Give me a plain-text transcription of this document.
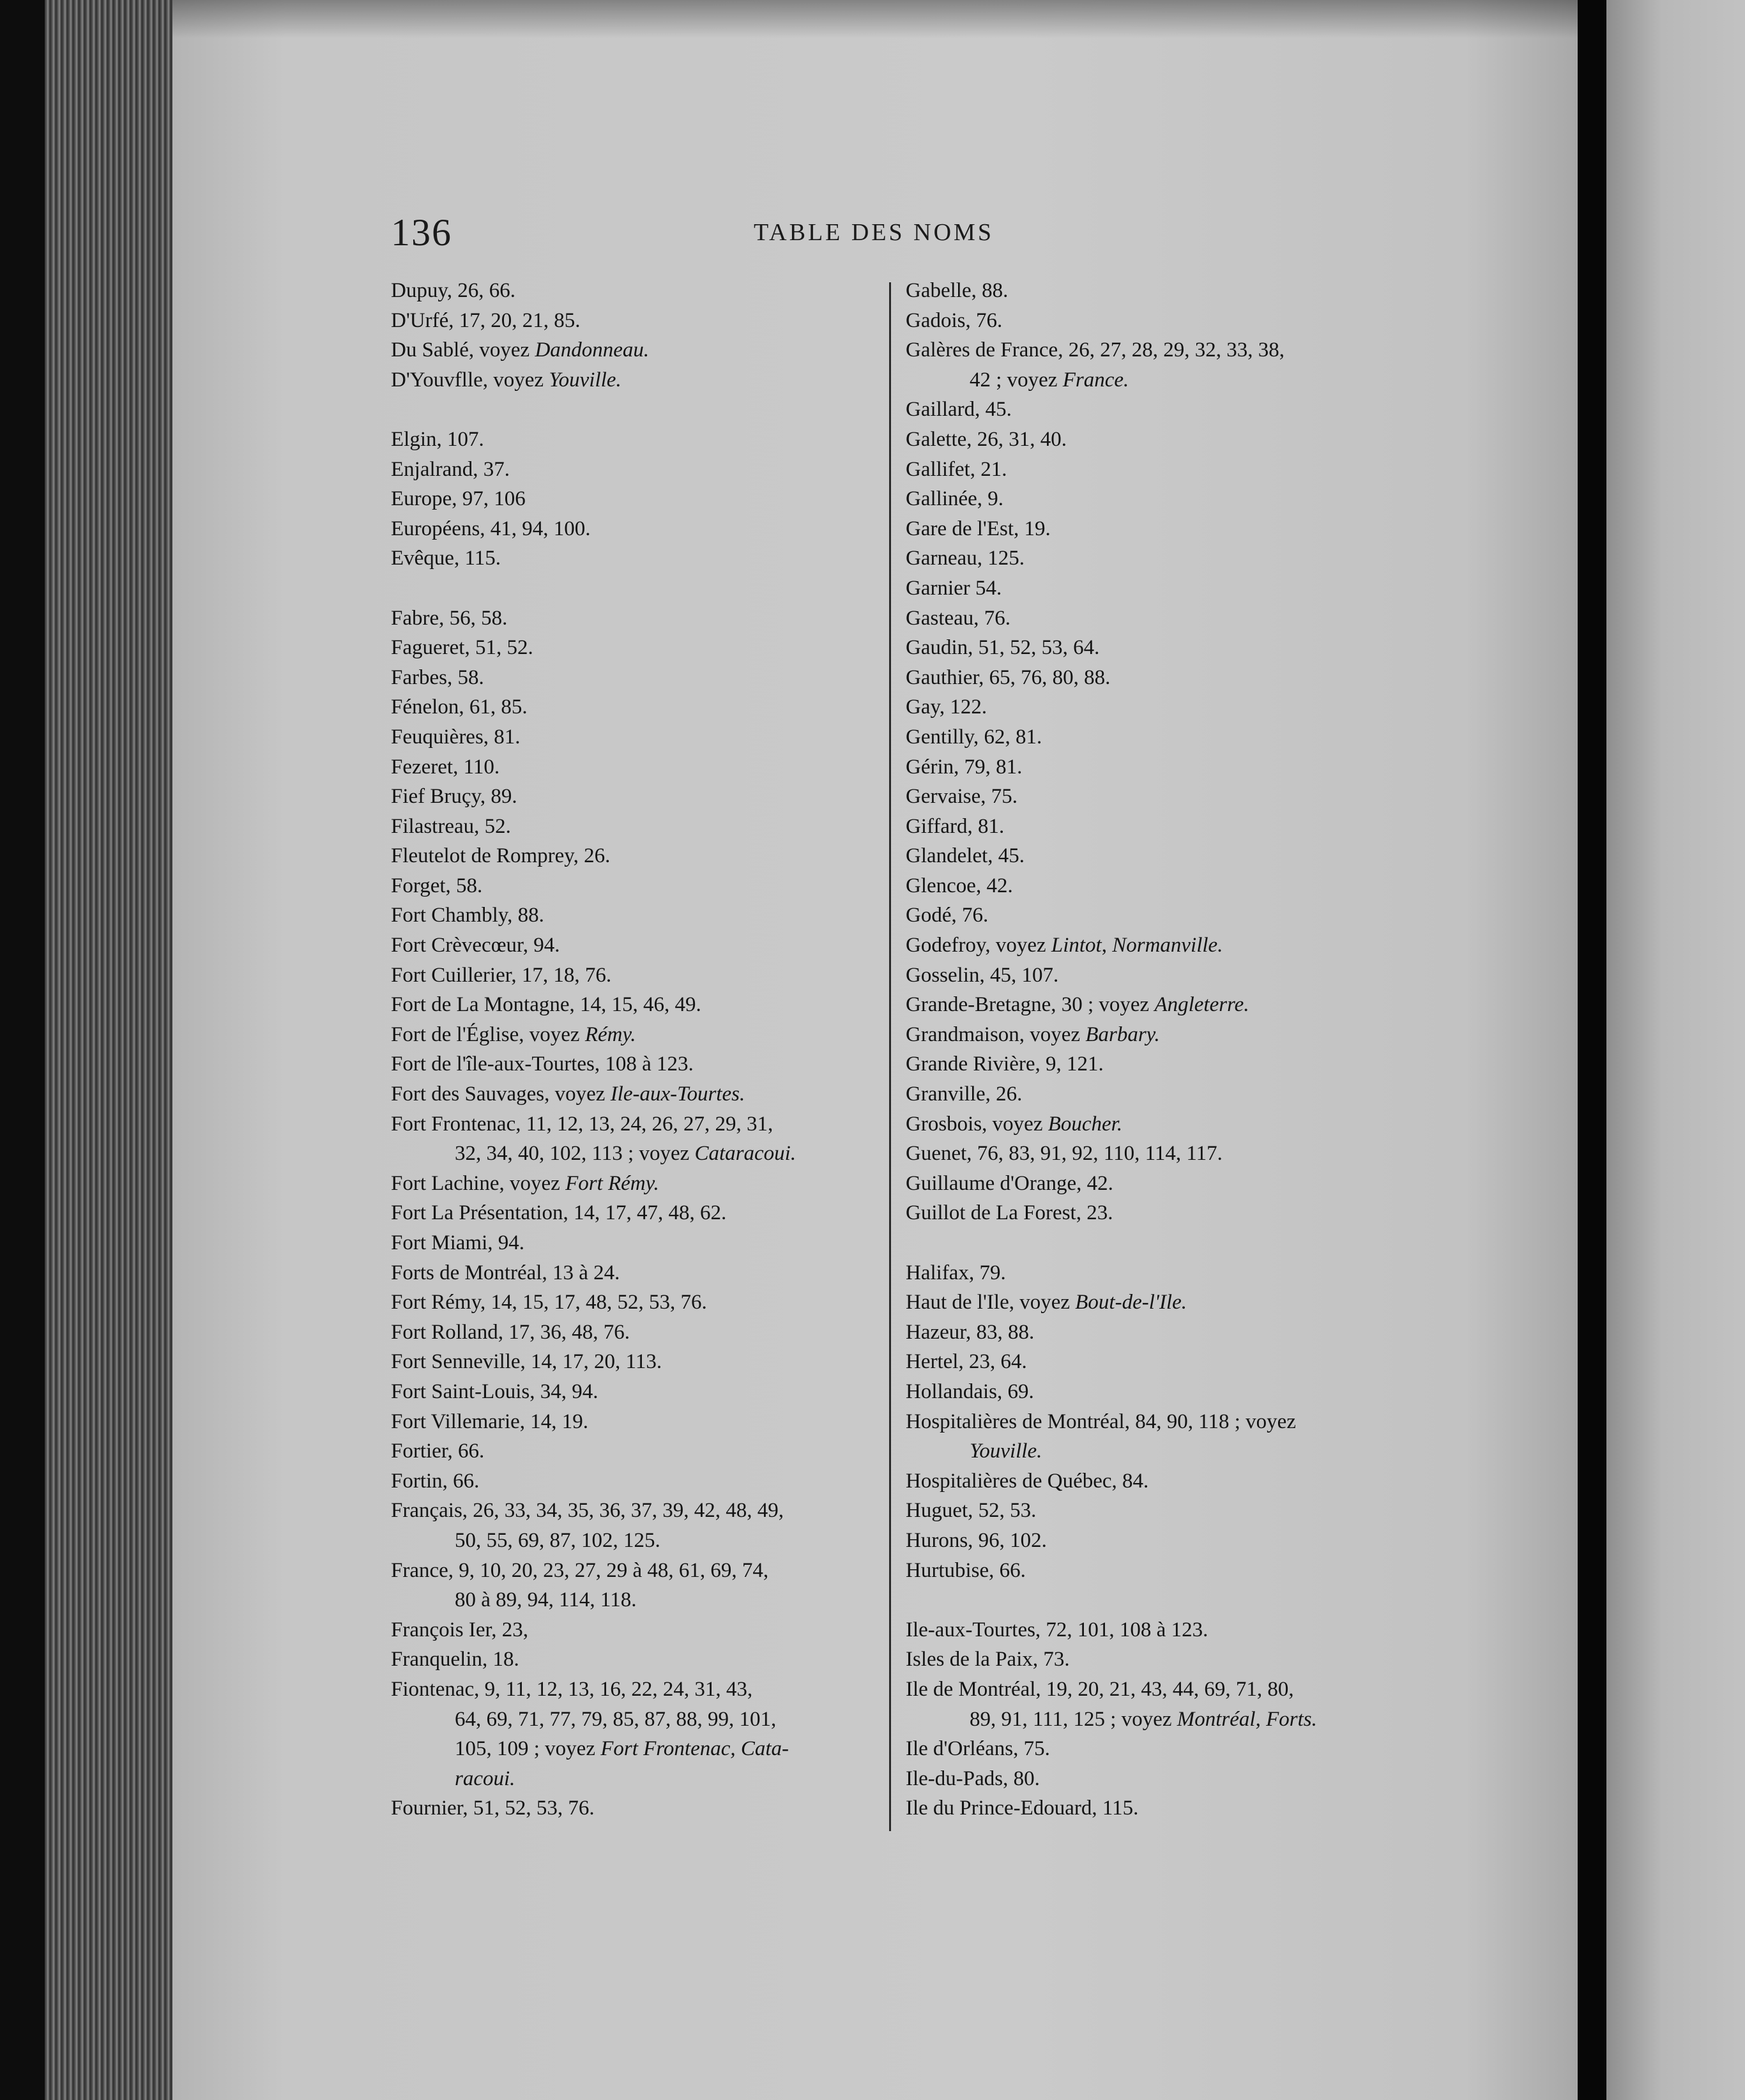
136	TABLE DES NOMS
Dupuy, 26, 66.
D'Urfé, 17, 20, 21, 85.
Du Sablé, voyez Dandonneau.
D'Youvflle, voyez Youville.
Elgin, 107.
Enjalrand, 37.
Europe, 97, 106
Européens, 41, 94, 100.
Evêque, 115.
Fabre, 56, 58.
Fagueret, 51, 52.
Farbes, 58.
Fénelon, 61, 85.
Feuquières, 81.
Fezeret, 110.
Fief Bruçy, 89.
Filastreau, 52.
Fleutelot de Romprey, 26.
Forget, 58.
Fort Chambly, 88.
Fort Crèvecœur, 94.
Fort Cuillerier, 17, 18, 76.
Fort de La Montagne, 14, 15, 46, 49.
Fort de l'Église, voyez Rémy.
Fort de l'île-aux-Tourtes, 108 à 123.
Fort des Sauvages, voyez Ile-aux-Tourtes.
Fort Frontenac, 11, 12, 13, 24, 26, 27, 29, 31,
32, 34, 40, 102, 113 ; voyez Cataracoui.
Fort Lachine, voyez Fort Rémy.
Fort La Présentation, 14, 17, 47, 48, 62.
Fort Miami, 94.
Forts de Montréal, 13 à 24.
Fort Rémy, 14, 15, 17, 48, 52, 53, 76.
Fort Rolland, 17, 36, 48, 76.
Fort Senneville, 14, 17, 20, 113.
Fort Saint-Louis, 34, 94.
Fort Villemarie, 14, 19.
Fortier, 66.
Fortin, 66.
Français, 26, 33, 34, 35, 36, 37, 39, 42, 48, 49,
50, 55, 69, 87, 102, 125.
France, 9, 10, 20, 23, 27, 29 à 48, 61, 69, 74,
80 à 89, 94, 114, 118.
François Ier, 23,
Franquelin, 18.
Fiontenac, 9, 11, 12, 13, 16, 22, 24, 31, 43,
64, 69, 71, 77, 79, 85, 87, 88, 99, 101,
105, 109 ; voyez Fort Frontenac, Cata-
racoui.
Fournier, 51, 52, 53, 76.
Gabelle, 88.
Gadois, 76.
Galères de France, 26, 27, 28, 29, 32, 33, 38,
42 ; voyez France.
Gaillard, 45.
Galette, 26, 31, 40.
Gallifet, 21.
Gallinée, 9.
Gare de l'Est, 19.
Garneau, 125.
Garnier 54.
Gasteau, 76.
Gaudin, 51, 52, 53, 64.
Gauthier, 65, 76, 80, 88.
Gay, 122.
Gentilly, 62, 81.
Gérin, 79, 81.
Gervaise, 75.
Giffard, 81.
Glandelet, 45.
Glencoe, 42.
Godé, 76.
Godefroy, voyez Lintot, Normanville.
Gosselin, 45, 107.
Grande-Bretagne, 30 ; voyez Angleterre.
Grandmaison, voyez Barbary.
Grande Rivière, 9, 121.
Granville, 26.
Grosbois, voyez Boucher.
Guenet, 76, 83, 91, 92, 110, 114, 117.
Guillaume d'Orange, 42.
Guillot de La Forest, 23.
Halifax, 79.
Haut de l'Ile, voyez Bout-de-l'Ile.
Hazeur, 83, 88.
Hertel, 23, 64.
Hollandais, 69.
Hospitalières de Montréal, 84, 90, 118 ; voyez
Youville.
Hospitalières de Québec, 84.
Huguet, 52, 53.
Hurons, 96, 102.
Hurtubise, 66.
Ile-aux-Tourtes, 72, 101, 108 à 123.
Isles de la Paix, 73.
Ile de Montréal, 19, 20, 21, 43, 44, 69, 71, 80,
89, 91, 111, 125 ; voyez Montréal, Forts.
Ile d'Orléans, 75.
Ile-du-Pads, 80.
Ile du Prince-Edouard, 115.
